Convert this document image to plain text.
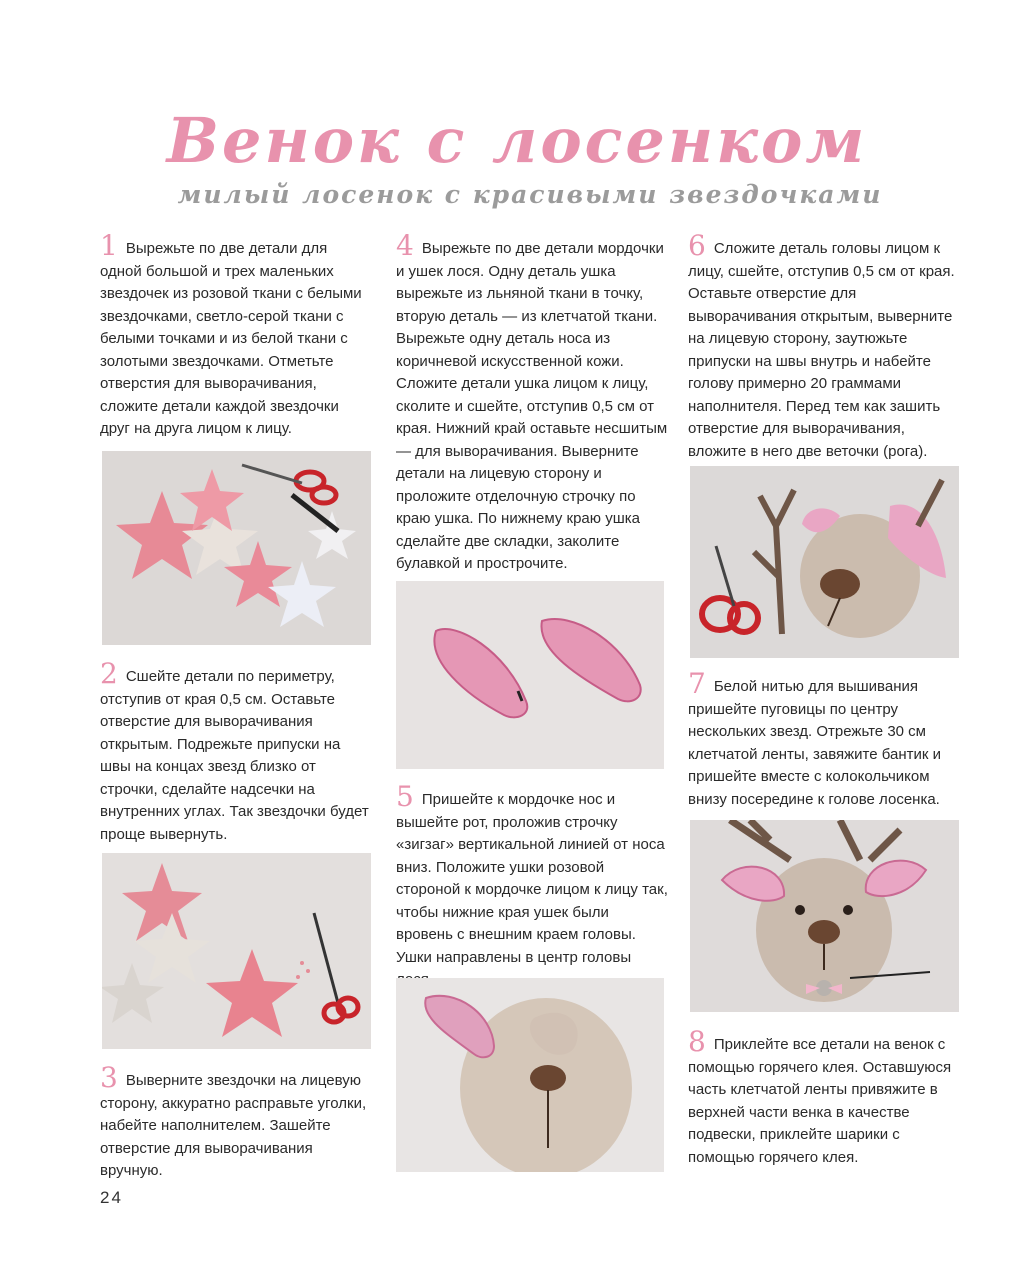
Венок с лосенком
милый лосенок с красивыми звездочками

1 Вырежьте по две детали для одной большой и трех маленьких звездочек из розовой ткани с белыми звездочками, светло-серой ткани с белыми точками и из белой ткани с золотыми звездочками. Отметьте отверстия для выворачивания, сложите детали каждой звездочки друг на друга лицом к лицу.

2 Сшейте детали по периметру, отступив от края 0,5 см. Оставьте отверстие для выворачивания открытым. Подрежьте припуски на швы на концах звезд близко от строчки, сделайте надсечки на внутренних углах. Так звездочки будет проще вывернуть.

3 Выверните звездочки на лицевую сторону, аккуратно расправьте уголки, набейте наполнителем. Зашейте отверстие для выворачивания вручную.

4 Вырежьте по две детали мордочки и ушек лося. Одну деталь ушка вырежьте из льняной ткани в точку, вторую деталь — из клетчатой ткани. Вырежьте одну деталь носа из коричневой искусственной кожи. Сложите детали ушка лицом к лицу, сколите и сшейте, отступив 0,5 см от края. Нижний край оставьте несшитым — для выворачивания. Выверните детали на лицевую сторону и проложите отделочную строчку по краю ушка. По нижнему краю ушка сделайте две складки, заколите булавкой и прострочите.

5 Пришейте к мордочке нос и вышейте рот, проложив строчку «зигзаг» вертикальной линией от носа вниз. Положите ушки розовой стороной к мордочке лицом к лицу так, чтобы нижние края ушек были вровень с внешним краем головы. Ушки направлены в центр головы

6 Сложите деталь головы лицом к лицу, сшейте, отступив 0,5 см от края. Оставьте отверстие для выворачивания открытым, выверните на лицевую сторону, заутюжьте припуски на швы внутрь и набейте голову примерно 20 граммами наполнителя. Перед тем как зашить отверстие для выворачивания, вложите в него две веточки (рога).

7 Белой нитью для вышивания пришейте пуговицы по центру нескольких звезд. Отрежьте 30 см клетчатой ленты, завяжите бантик и пришейте вместе с колокольчиком внизу посередине к голове лосенка.

8 Приклейте все детали на венок с помощью горячего клея. Оставшуюся часть клетчатой ленты привяжите в верхней части венка в качестве подвески, приклейте шарики с помощью горячего клея.

24
